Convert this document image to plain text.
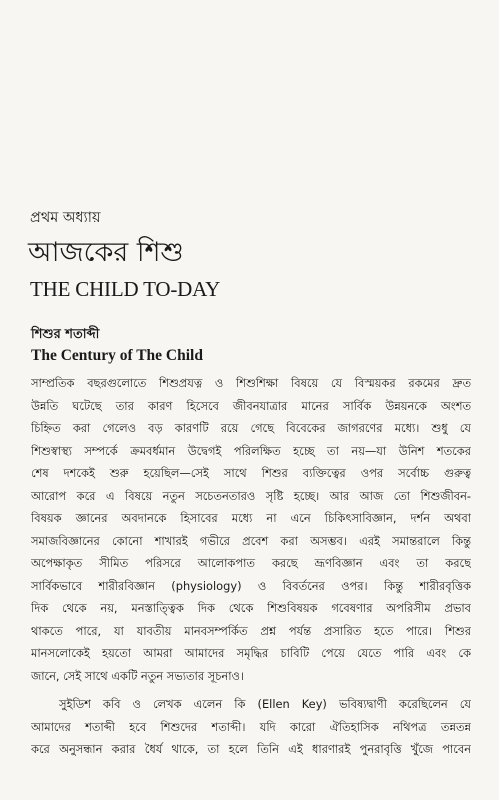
প্রথম অধ্যায়
আজকের শিশু
THE CHILD TO-DAY
শিশুর শতাব্দী
The Century of The Child
সাম্প্রতিক বছরগুলোতে শিশুপ্রযত্ন ও শিশুশিক্ষা বিষয়ে যে বিস্ময়কর রকমের দ্রুত
উন্নতি ঘটেছে তার কারণ হিসেবে জীবনযাত্রার মানের সার্বিক উন্নয়নকে অংশত
চিহ্নিত করা গেলেও বড় কারণটি রয়ে গেছে বিবেকের জাগরণের মধ্যে। শুধু যে
শিশুস্বাস্থ্য সম্পর্কে ক্রমবর্ধমান উদ্বেগই পরিলক্ষিত হচ্ছে তা নয়—যা উনিশ শতকের
শেষ দশকেই শুরু হয়েছিল—সেই সাথে শিশুর ব্যক্তিত্বের ওপর সর্বোচ্চ গুরুত্ব
আরোপ করে এ বিষয়ে নতুন সচেতনতারও সৃষ্টি হচ্ছে। আর আজ তো শিশুজীবন-
বিষয়ক জ্ঞানের অবদানকে হিসাবের মধ্যে না এনে চিকিৎসাবিজ্ঞান, দর্শন অথবা
সমাজবিজ্ঞানের কোনো শাখারই গভীরে প্রবেশ করা অসম্ভব। এরই সমান্তরালে কিন্তু
অপেক্ষাকৃত সীমিত পরিসরে আলোকপাত করছে ভ্রূণবিজ্ঞান এবং তা করছে
সার্বিকভাবে শারীরবিজ্ঞান (physiology) ও বিবর্তনের ওপর। কিন্তু শারীরবৃত্তিক
দিক থেকে নয়, মনস্তাত্ত্বিক দিক থেকে শিশুবিষয়ক গবেষণার অপরিসীম প্রভাব
থাকতে পারে, যা যাবতীয় মানবসম্পর্কিত প্রশ্ন পর্যন্ত প্রসারিত হতে পারে। শিশুর
মানসলোকেই হয়তো আমরা আমাদের সমৃদ্ধির চাবিটি পেয়ে যেতে পারি এবং কে
জানে, সেই সাথে একটি নতুন সভ্যতার সূচনাও।
সুইডিশ কবি ও লেখক এলেন কি (Ellen Key) ভবিষ্যদ্বাণী করেছিলেন যে
আমাদের শতাব্দী হবে শিশুদের শতাব্দী। যদি কারো ঐতিহাসিক নথিপত্র তন্নতন্ন
করে অনুসন্ধান করার ধৈর্য থাকে, তা হলে তিনি এই ধারণারই পুনরাবৃত্তি খুঁজে পাবেন
